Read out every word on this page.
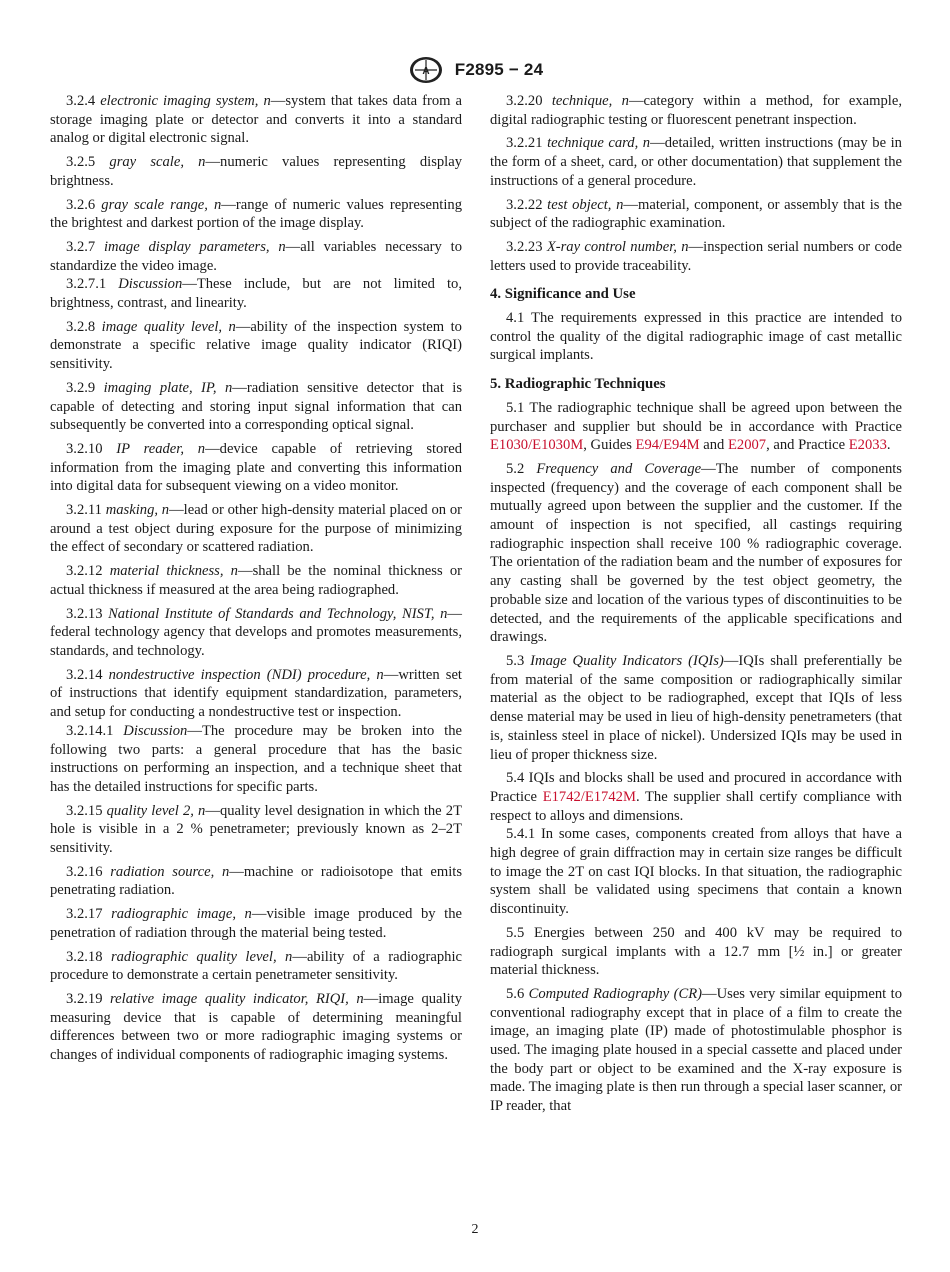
A F2895 − 24

3.2.4 electronic imaging system, n—system that takes data from a storage imaging plate or detector and converts it into a standard analog or digital electronic signal.

3.2.5 gray scale, n—numeric values representing display brightness.

3.2.6 gray scale range, n—range of numeric values representing the brightest and darkest portion of the image display.

3.2.7 image display parameters, n—all variables necessary to standardize the video image.

3.2.7.1 Discussion—These include, but are not limited to, brightness, contrast, and linearity.

3.2.8 image quality level, n—ability of the inspection system to demonstrate a specific relative image quality indicator (RIQI) sensitivity.

3.2.9 imaging plate, IP, n—radiation sensitive detector that is capable of detecting and storing input signal information that can subsequently be converted into a corresponding optical signal.

3.2.10 IP reader, n—device capable of retrieving stored information from the imaging plate and converting this information into digital data for subsequent viewing on a video monitor.

3.2.11 masking, n—lead or other high-density material placed on or around a test object during exposure for the purpose of minimizing the effect of secondary or scattered radiation.

3.2.12 material thickness, n—shall be the nominal thickness or actual thickness if measured at the area being radiographed.

3.2.13 National Institute of Standards and Technology, NIST, n—federal technology agency that develops and promotes measurements, standards, and technology.

3.2.14 nondestructive inspection (NDI) procedure, n—written set of instructions that identify equipment standardization, parameters, and setup for conducting a nondestructive test or inspection.

3.2.14.1 Discussion—The procedure may be broken into the following two parts: a general procedure that has the basic instructions on performing an inspection, and a technique sheet that has the detailed instructions for specific parts.

3.2.15 quality level 2, n—quality level designation in which the 2T hole is visible in a 2 % penetrameter; previously known as 2–2T sensitivity.

3.2.16 radiation source, n—machine or radioisotope that emits penetrating radiation.

3.2.17 radiographic image, n—visible image produced by the penetration of radiation through the material being tested.

3.2.18 radiographic quality level, n—ability of a radiographic procedure to demonstrate a certain penetrameter sensitivity.

3.2.19 relative image quality indicator, RIQI, n—image quality measuring device that is capable of determining meaningful differences between two or more radiographic imaging systems or changes of individual components of radiographic imaging systems.

3.2.20 technique, n—category within a method, for example, digital radiographic testing or fluorescent penetrant inspection.

3.2.21 technique card, n—detailed, written instructions (may be in the form of a sheet, card, or other documentation) that supplement the instructions of a general procedure.

3.2.22 test object, n—material, component, or assembly that is the subject of the radiographic examination.

3.2.23 X-ray control number, n—inspection serial numbers or code letters used to provide traceability.

4. Significance and Use

4.1 The requirements expressed in this practice are intended to control the quality of the digital radiographic image of cast metallic surgical implants.

5. Radiographic Techniques

5.1 The radiographic technique shall be agreed upon between the purchaser and supplier but should be in accordance with Practice E1030/E1030M, Guides E94/E94M and E2007, and Practice E2033.

5.2 Frequency and Coverage—The number of components inspected (frequency) and the coverage of each component shall be mutually agreed upon between the supplier and the customer. If the amount of inspection is not specified, all castings requiring radiographic inspection shall receive 100 % radiographic coverage. The orientation of the radiation beam and the number of exposures for any casting shall be governed by the test object geometry, the probable size and location of the various types of discontinuities to be detected, and the requirements of the applicable specifications and drawings.

5.3 Image Quality Indicators (IQIs)—IQIs shall preferentially be from material of the same composition or radiographically similar material as the object to be radiographed, except that IQIs of less dense material may be used in lieu of high-density penetrameters (that is, stainless steel in place of nickel). Undersized IQIs may be used in lieu of proper thickness size.

5.4 IQIs and blocks shall be used and procured in accordance with Practice E1742/E1742M. The supplier shall certify compliance with respect to alloys and dimensions.

5.4.1 In some cases, components created from alloys that have a high degree of grain diffraction may in certain size ranges be difficult to image the 2T on cast IQI blocks. In that situation, the radiographic system shall be validated using specimens that contain a known discontinuity.

5.5 Energies between 250 and 400 kV may be required to radiograph surgical implants with a 12.7 mm [½ in.] or greater material thickness.

5.6 Computed Radiography (CR)—Uses very similar equipment to conventional radiography except that in place of a film to create the image, an imaging plate (IP) made of photostimulable phosphor is used. The imaging plate housed in a special cassette and placed under the body part or object to be examined and the X-ray exposure is made. The imaging plate is then run through a special laser scanner, or IP reader, that

2
